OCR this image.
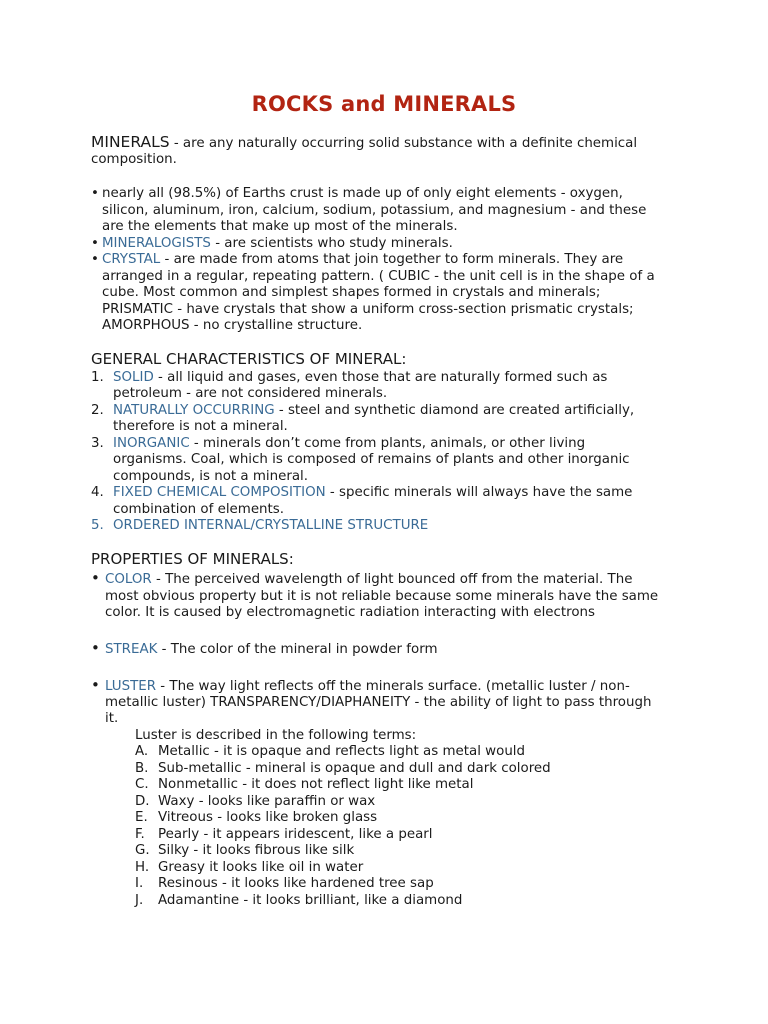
ROCKS and MINERALS
MINERALS - are any naturally occurring solid substance with a definite chemical
composition.
• nearly all (98.5%) of Earths crust is made up of only eight elements - oxygen,
silicon, aluminum, iron, calcium, sodium, potassium, and magnesium - and these
are the elements that make up most of the minerals.
• MINERALOGISTS - are scientists who study minerals.
• CRYSTAL - are made from atoms that join together to form minerals. They are
arranged in a regular, repeating pattern. ( CUBIC - the unit cell is in the shape of a
cube. Most common and simplest shapes formed in crystals and minerals;
PRISMATIC - have crystals that show a uniform cross-section prismatic crystals;
AMORPHOUS - no crystalline structure.
GENERAL CHARACTERISTICS OF MINERAL:
1. SOLID - all liquid and gases, even those that are naturally formed such as
petroleum - are not considered minerals.
2. NATURALLY OCCURRING - steel and synthetic diamond are created artificially,
therefore is not a mineral.
3. INORGANIC - minerals don’t come from plants, animals, or other living
organisms. Coal, which is composed of remains of plants and other inorganic
compounds, is not a mineral.
4. FIXED CHEMICAL COMPOSITION - specific minerals will always have the same
combination of elements.
5. ORDERED INTERNAL/CRYSTALLINE STRUCTURE
PROPERTIES OF MINERALS:
• COLOR - The perceived wavelength of light bounced off from the material. The
most obvious property but it is not reliable because some minerals have the same
color. It is caused by electromagnetic radiation interacting with electrons
• STREAK - The color of the mineral in powder form
• LUSTER - The way light reflects off the minerals surface. (metallic luster / non-
metallic luster) TRANSPARENCY/DIAPHANEITY - the ability of light to pass through
it.
Luster is described in the following terms:
A. Metallic - it is opaque and reflects light as metal would
B. Sub-metallic - mineral is opaque and dull and dark colored
C. Nonmetallic - it does not reflect light like metal
D. Waxy - looks like paraffin or wax
E. Vitreous - looks like broken glass
F. Pearly - it appears iridescent, like a pearl
G. Silky - it looks fibrous like silk
H. Greasy it looks like oil in water
I. Resinous - it looks like hardened tree sap
J. Adamantine - it looks brilliant, like a diamond
